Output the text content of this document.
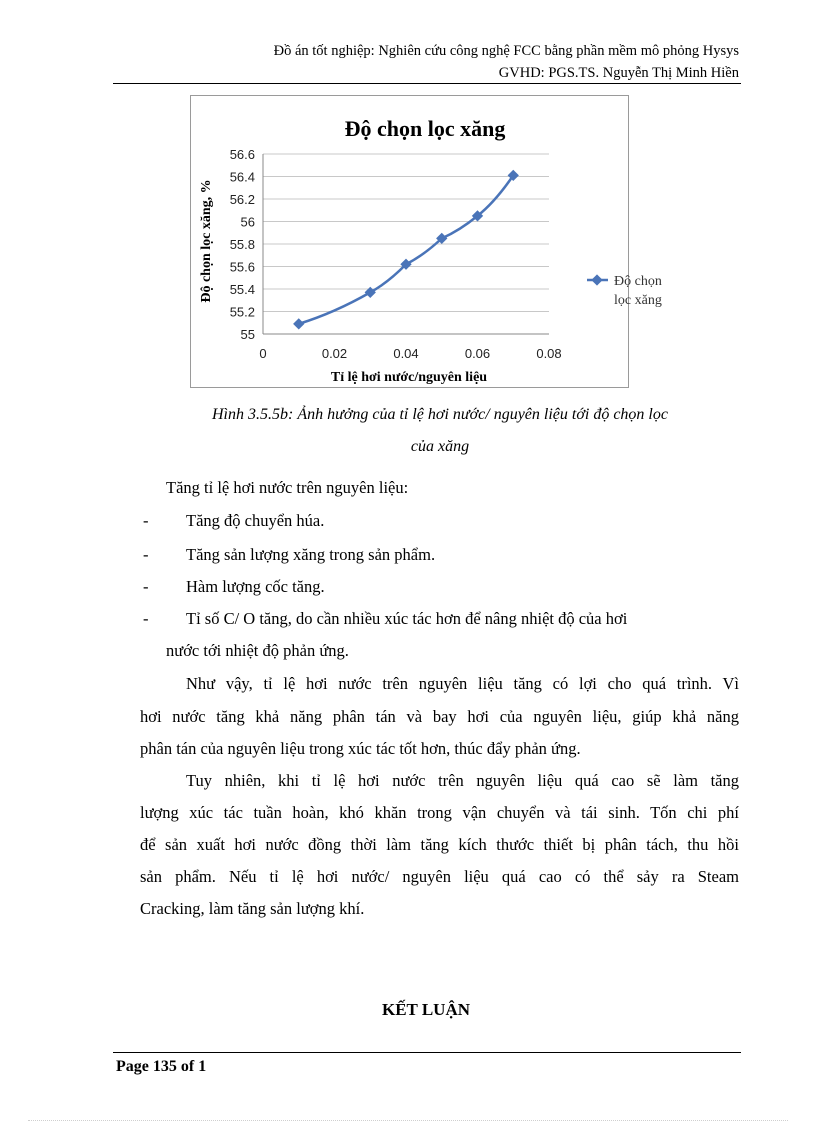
Đồ án tốt nghiệp: Nghiên cứu công nghệ FCC bằng phần mềm mô phỏng Hysys
GVHD: PGS.TS. Nguyễn Thị Minh Hiền
Độ chọn lọc xăng
Độ chọn lọc xăng, %
Tỉ lệ hơi nước/nguyên liệu
55
55.2
55.4
55.6
55.8
56
56.2
56.4
56.6
0	0.02	0.04	0.06	0.08
Độ chọn
lọc xăng
Hình 3.5.5b: Ảnh hưởng của tỉ lệ hơi nước/ nguyên liệu tới độ chọn lọc
của xăng
Tăng tỉ lệ hơi nước trên nguyên liệu:
- Tăng độ chuyển húa.
- Tăng sản lượng xăng trong sản phẩm.
- Hàm lượng cốc tăng.
- Tỉ số C/ O tăng, do cần nhiều xúc tác hơn để nâng nhiệt độ của hơi
nước tới nhiệt độ phản ứng.
Như vậy, tỉ lệ hơi nước trên nguyên liệu tăng có lợi cho quá trình. Vì
hơi nước tăng khả năng phân tán và bay hơi của nguyên liệu, giúp khả năng
phân tán của nguyên liệu trong xúc tác tốt hơn, thúc đẩy phản ứng.
Tuy nhiên, khi tỉ lệ hơi nước trên nguyên liệu quá cao sẽ làm tăng
lượng xúc tác tuần hoàn, khó khăn trong vận chuyển và tái sinh. Tốn chi phí
để sản xuất hơi nước đồng thời làm tăng kích thước thiết bị phân tách, thu hồi
sản phẩm. Nếu tỉ lệ hơi nước/ nguyên liệu quá cao có thể sảy ra Steam
Cracking, làm tăng sản lượng khí.
KẾT LUẬN
Page 135 of 1
